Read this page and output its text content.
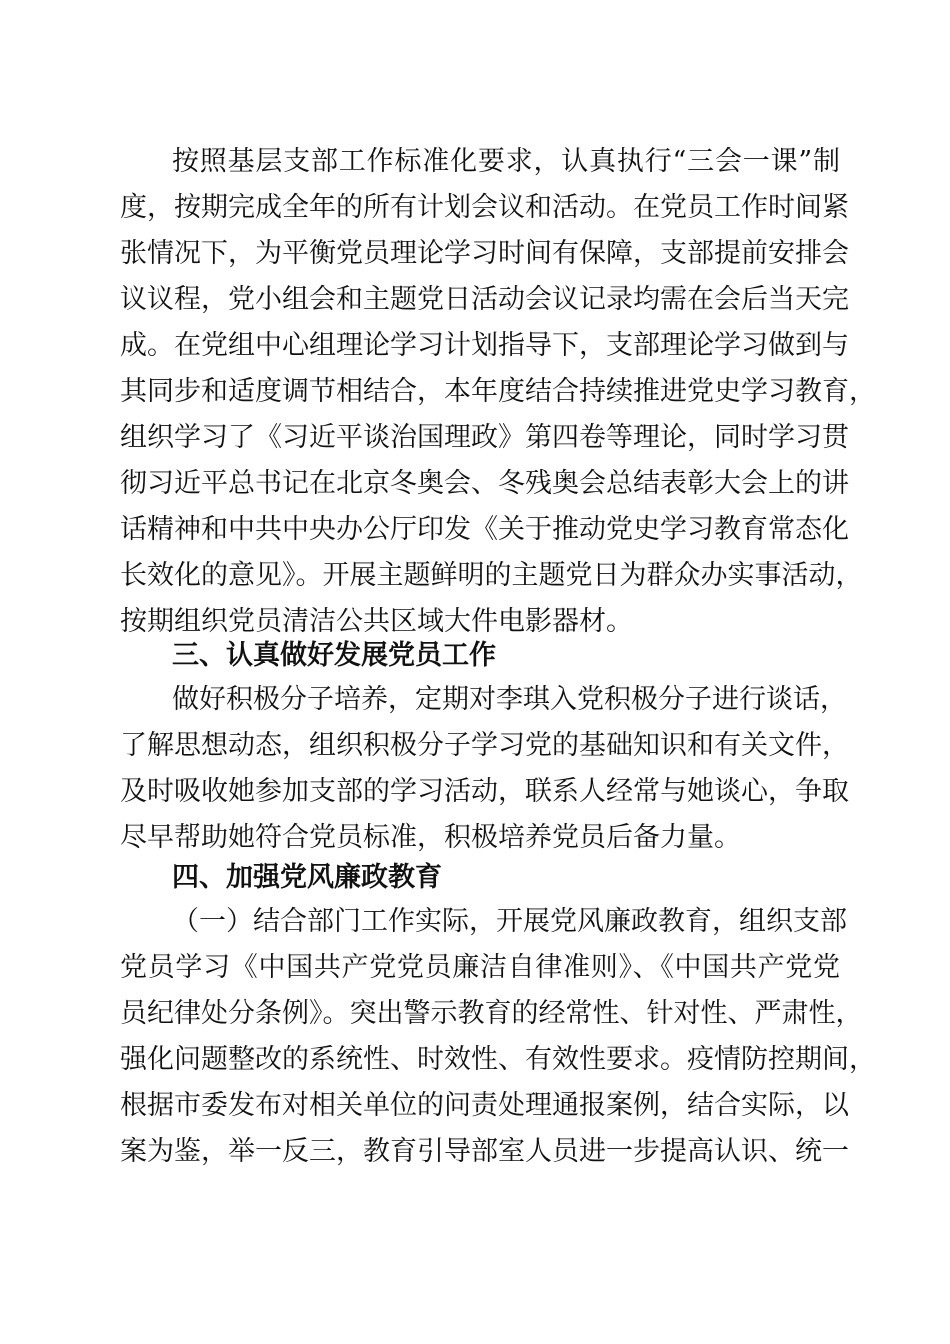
按照基层支部工作标准化要求，认真执行“三会一课”制
度，按期完成全年的所有计划会议和活动。在党员工作时间紧
张情况下，为平衡党员理论学习时间有保障，支部提前安排会
议议程，党小组会和主题党日活动会议记录均需在会后当天完
成。在党组中心组理论学习计划指导下，支部理论学习做到与
其同步和适度调节相结合，本年度结合持续推进党史学习教育，
组织学习了《习近平谈治国理政》第四卷等理论，同时学习贯
彻习近平总书记在北京冬奥会、冬残奥会总结表彰大会上的讲
话精神和中共中央办公厅印发《关于推动党史学习教育常态化
长效化的意见》。开展主题鲜明的主题党日为群众办实事活动，
按期组织党员清洁公共区域大件电影器材。
三、认真做好发展党员工作
做好积极分子培养，定期对李琪入党积极分子进行谈话，
了解思想动态，组织积极分子学习党的基础知识和有关文件，
及时吸收她参加支部的学习活动，联系人经常与她谈心，争取
尽早帮助她符合党员标准，积极培养党员后备力量。
四、加强党风廉政教育
（一）结合部门工作实际，开展党风廉政教育，组织支部
党员学习《中国共产党党员廉洁自律准则》、《中国共产党党
员纪律处分条例》。突出警示教育的经常性、针对性、严肃性，
强化问题整改的系统性、时效性、有效性要求。疫情防控期间，
根据市委发布对相关单位的问责处理通报案例，结合实际，以
案为鉴，举一反三，教育引导部室人员进一步提高认识、统一
